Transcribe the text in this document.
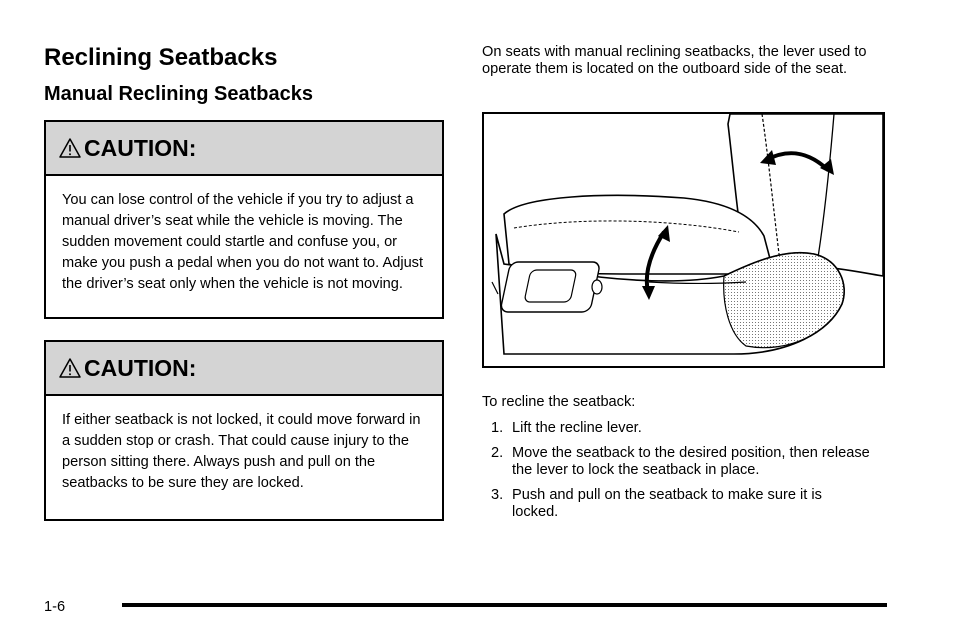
Reclining Seatbacks
Manual Reclining Seatbacks
CAUTION:
You can lose control of the vehicle if you try to adjust a manual driver’s seat while the vehicle is moving. The sudden movement could startle and confuse you, or make you push a pedal when you do not want to. Adjust the driver’s seat only when the vehicle is not moving.
CAUTION:
If either seatback is not locked, it could move forward in a sudden stop or crash. That could cause injury to the person sitting there. Always push and pull on the seatbacks to be sure they are locked.
On seats with manual reclining seatbacks, the lever used to operate them is located on the outboard side of the seat.
To recline the seatback:
1. Lift the recline lever.
2. Move the seatback to the desired position, then release the lever to lock the seatback in place.
3. Push and pull on the seatback to make sure it is locked.
1-6
